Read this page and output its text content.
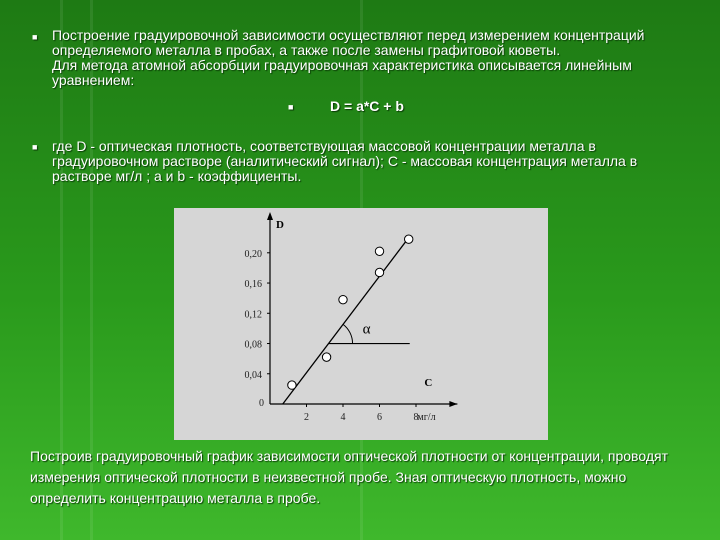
■ Построение градуировочной зависимости осуществляют перед измерением концентраций определяемого металла в пробах, а также после замены графитовой кюветы.
Для метода атомной абсорбции градуировочная характеристика описывается линейным уравнением:
■	D = a*C + b
■ где D - оптическая плотность, соответствующая массовой концентрации металла в градуировочном растворе (аналитический сигнал); C - массовая концентрация металла в растворе мг/л ; a и b - коэффициенты.
0,04
0,08
0,12
0,16
0,20
2	4	6	8
0
D
C
мг/л
α
Построив градуировочный график зависимости оптической плотности от концентрации, проводят измерения оптической плотности в неизвестной пробе. Зная оптическую плотность, можно определить концентрацию металла в пробе.
